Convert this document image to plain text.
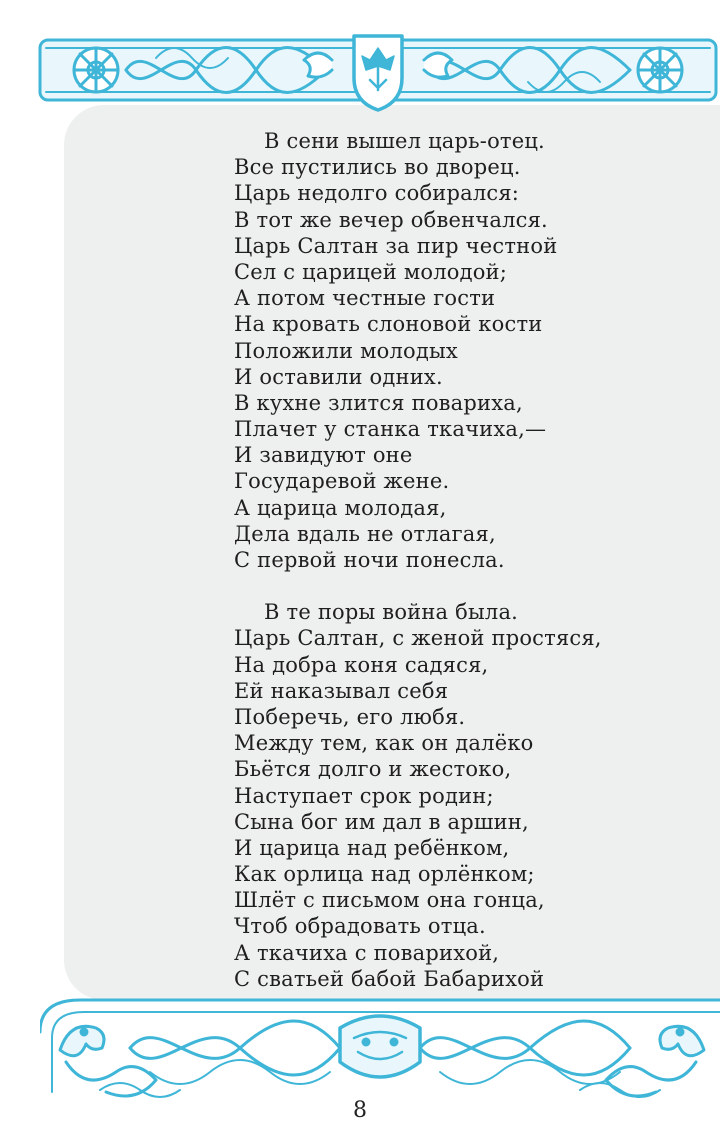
В сени вышел царь-отец.
Все пустились во дворец.
Царь недолго собирался:
В тот же вечер обвенчался.
Царь Салтан за пир честной
Сел с царицей молодой;
А потом честные гости
На кровать слоновой кости
Положили молодых
И оставили одних.
В кухне злится повариха,
Плачет у станка ткачиха,—
И завидуют оне
Государевой жене.
А царица молодая,
Дела вдаль не отлагая,
С первой ночи понесла.
В те поры война была.
Царь Салтан, с женой простяся,
На добра коня садяся,
Ей наказывал себя
Поберечь, его любя.
Между тем, как он далёко
Бьётся долго и жестоко,
Наступает срок родин;
Сына бог им дал в аршин,
И царица над ребёнком,
Как орлица над орлёнком;
Шлёт с письмом она гонца,
Чтоб обрадовать отца.
А ткачиха с поварихой,
С сватьей бабой Бабарихой
8
